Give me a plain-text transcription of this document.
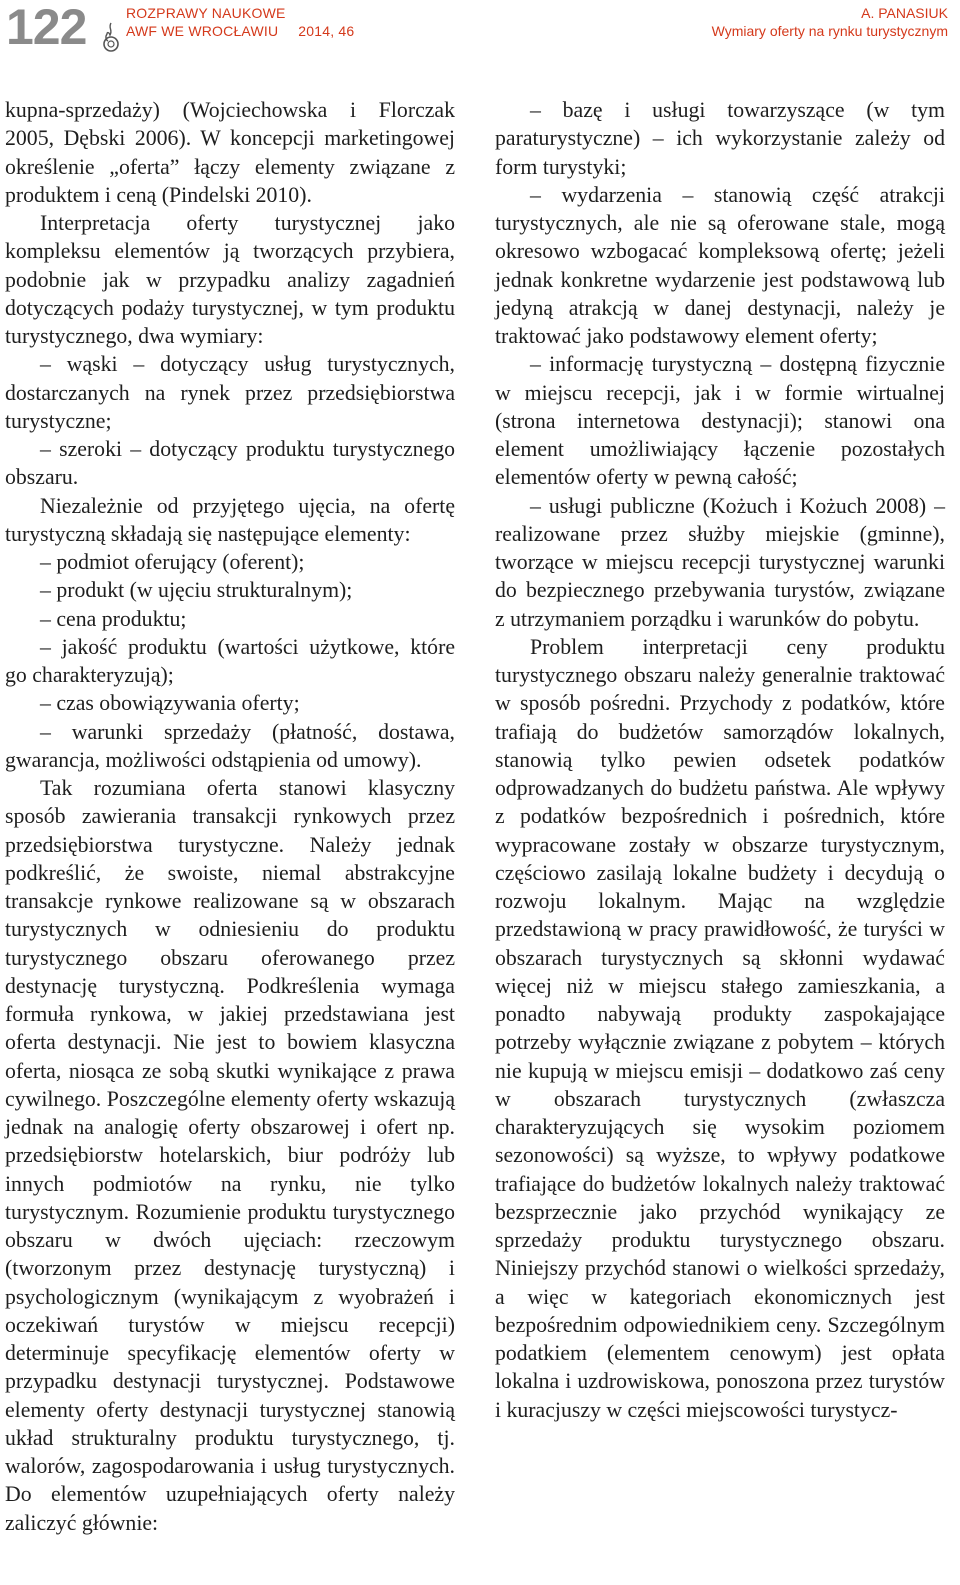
122	ROZPRAWY NAUKOWE
AWF WE WROCŁAWIU 2014, 46
A. PANASIUK
Wymiary oferty na rynku turystycznym

kupna-sprzedaży) (Wojciechowska i Florczak 2005, Dębski 2006). W koncepcji marketingowej określenie „oferta” łączy elementy związane z produktem i ceną (Pindelski 2010).

Interpretacja oferty turystycznej jako kompleksu elementów ją tworzących przybiera, podobnie jak w przypadku analizy zagadnień dotyczących podaży turystycznej, w tym produktu turystycznego, dwa wymiary:

– wąski – dotyczący usług turystycznych, dostarczanych na rynek przez przedsiębiorstwa turystyczne;

– szeroki – dotyczący produktu turystycznego obszaru.

Niezależnie od przyjętego ujęcia, na ofertę turystyczną składają się następujące elementy:

– podmiot oferujący (oferent);

– produkt (w ujęciu strukturalnym);

– cena produktu;

– jakość produktu (wartości użytkowe, które go charakteryzują);

– czas obowiązywania oferty;

– warunki sprzedaży (płatność, dostawa, gwarancja, możliwości odstąpienia od umowy).

Tak rozumiana oferta stanowi klasyczny sposób zawierania transakcji rynkowych przez przedsiębiorstwa turystyczne. Należy jednak podkreślić, że swoiste, niemal abstrakcyjne transakcje rynkowe realizowane są w obszarach turystycznych w odniesieniu do produktu turystycznego obszaru oferowanego przez destynację turystyczną. Podkreślenia wymaga formuła rynkowa, w jakiej przedstawiana jest oferta destynacji. Nie jest to bowiem klasyczna oferta, niosąca ze sobą skutki wynikające z prawa cywilnego. Poszczególne elementy oferty wskazują jednak na analogię oferty obszarowej i ofert np. przedsiębiorstw hotelarskich, biur podróży lub innych podmiotów na rynku, nie tylko turystycznym. Rozumienie produktu turystycznego obszaru w dwóch ujęciach: rzeczowym (tworzonym przez destynację turystyczną) i psychologicznym (wynikającym z wyobrażeń i oczekiwań turystów w miejscu recepcji) determinuje specyfikację elementów oferty w przypadku destynacji turystycznej. Podstawowe elementy oferty destynacji turystycznej stanowią układ strukturalny produktu turystycznego, tj. walorów, zagospodarowania i usług turystycznych. Do elementów uzupełniających oferty należy zaliczyć głównie:

– bazę i usługi towarzyszące (w tym paraturystyczne) – ich wykorzystanie zależy od form turystyki;

– wydarzenia – stanowią część atrakcji turystycznych, ale nie są oferowane stale, mogą okresowo wzbogacać kompleksową ofertę; jeżeli jednak konkretne wydarzenie jest podstawową lub jedyną atrakcją w danej destynacji, należy je traktować jako podstawowy element oferty;

– informację turystyczną – dostępną fizycznie w miejscu recepcji, jak i w formie wirtualnej (strona internetowa destynacji); stanowi ona element umożliwiający łączenie pozostałych elementów oferty w pewną całość;

– usługi publiczne (Kożuch i Kożuch 2008) – realizowane przez służby miejskie (gminne), tworzące w miejscu recepcji turystycznej warunki do bezpiecznego przebywania turystów, związane z utrzymaniem porządku i warunków do pobytu.

Problem interpretacji ceny produktu turystycznego obszaru należy generalnie traktować w sposób pośredni. Przychody z podatków, które trafiają do budżetów samorządów lokalnych, stanowią tylko pewien odsetek podatków odprowadzanych do budżetu państwa. Ale wpływy z podatków bezpośrednich i pośrednich, które wypracowane zostały w obszarze turystycznym, częściowo zasilają lokalne budżety i decydują o rozwoju lokalnym. Mając na względzie przedstawioną w pracy prawidłowość, że turyści w obszarach turystycznych są skłonni wydawać więcej niż w miejscu stałego zamieszkania, a ponadto nabywają produkty zaspokajające potrzeby wyłącznie związane z pobytem – których nie kupują w miejscu emisji – dodatkowo zaś ceny w obszarach turystycznych (zwłaszcza charakteryzujących się wysokim poziomem sezonowości) są wyższe, to wpływy podatkowe trafiające do budżetów lokalnych należy traktować bezsprzecznie jako przychód wynikający ze sprzedaży produktu turystycznego obszaru. Niniejszy przychód stanowi o wielkości sprzedaży, a więc w kategoriach ekonomicznych jest bezpośrednim odpowiednikiem ceny. Szczególnym podatkiem (elementem cenowym) jest opłata lokalna i uzdrowiskowa, ponoszona przez turystów i kuracjuszy w części miejscowości turystycz-
